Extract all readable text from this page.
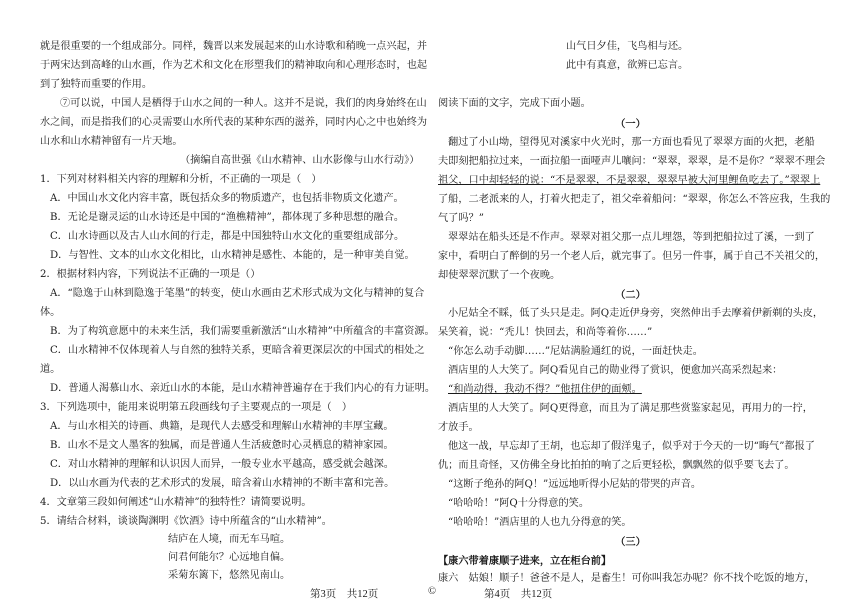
就是很重要的一个组成部分。同样，魏晋以来发展起来的山水诗歌和稍晚一点兴起，并
于两宋达到高峰的山水画，作为艺术和文化在形塑我们的精神取向和心理形态时，也起
到了独特而重要的作用。
⑦可以说，中国人是栖得于山水之间的一种人。这并不是说，我们的肉身始终在山
水之间，而是指我们的心灵需要山水所代表的某种东西的滋养，同时内心之中也始终为
山水和山水精神留有一片天地。
（摘编自高世强《山水精神、山水影像与山水行动》）
1．下列对材料相关内容的理解和分析，不正确的一项是（　）
A．中国山水文化内容丰富，既包括众多的物质遗产，也包括非物质文化遗产。
B．无论是谢灵运的山水诗还是中国的“渔樵精神”，都体现了多种思想的融合。
C．山水诗画以及古人山水间的行走，都是中国独特山水文化的重要组成部分。
D．与智性、文本的山水文化相比，山水精神是感性、本能的，是一种审美自觉。
2．根据材料内容，下列说法不正确的一项是（）
A．“隐逸于山林到隐逸于笔墨”的转变，使山水画由艺术形式成为文化与精神的复合
体。
B．为了构筑意愿中的未来生活，我们需要重新激活“山水精神”中所蕴含的丰富资源。
C．山水精神不仅体现着人与自然的独特关系，更暗含着更深层次的中国式的相处之
道。
D．普通人渴慕山水、亲近山水的本能，是山水精神普遍存在于我们内心的有力证明。
3．下列选项中，能用来说明第五段画线句子主要观点的一项是（　）
A．与山水相关的诗画、典籍，是现代人去感受和理解山水精神的丰厚宝藏。
B．山水不是文人墨客的独属，而是普通人生活疲惫时心灵栖息的精神家园。
C．对山水精神的理解和认识因人而异，一般专业水平越高，感受就会越深。
D．以山水画为代表的艺术形式的发展，暗含着山水精神的不断丰富和完善。
4．文章第三段如何阐述“山水精神”的独特性？请简要说明。
5．请结合材料，谈谈陶渊明《饮酒》诗中所蕴含的“山水精神”。
结庐在人境，而无车马喧。
问君何能尔？心远地自偏。
采菊东篱下，悠然见南山。
山气日夕佳，飞鸟相与还。
此中有真意，欲辨已忘言。
阅读下面的文字，完成下面小题。
（一）
翻过了小山坳，望得见对溪家中火光时，那一方面也看见了翠翠方面的火把，老船
夫即刻把船拉过来，一面拉船一面哑声儿嚷问：“翠翠，翠翠，是不是你？”翠翠不理会
祖父，口中却轻轻的说：“不是翠翠，不是翠翠，翠翠早被大河里鲤鱼吃去了。”翠翠上
了船，二老派来的人，打着火把走了，祖父牵着船问：“翠翠，你怎么不答应我，生我的
气了吗？”
翠翠站在船头还是不作声。翠翠对祖父那一点儿埋怨，等到把船拉过了溪，一到了
家中，看明白了醉倒的另一个老人后，就完事了。但另一件事，属于自己不关祖父的，
却使翠翠沉默了一个夜晚。
（二）
小尼姑全不睬，低了头只是走。阿Q走近伊身旁，突然伸出手去摩着伊新剃的头皮，
呆笑着，说：“秃儿！快回去，和尚等着你……”
“你怎么动手动脚……”尼姑满脸通红的说，一面赶快走。
酒店里的人大笑了。阿Q看见自己的勋业得了赏识，便愈加兴高采烈起来：
“和尚动得，我动不得？”他扭住伊的面颊。
酒店里的人大笑了。阿Q更得意，而且为了满足那些赏鉴家起见，再用力的一拧，
才放手。
他这一战，早忘却了王胡，也忘却了假洋鬼子，似乎对于今天的一切“晦气”都报了
仇；而且奇怪，又仿佛全身比拍拍的响了之后更轻松，飘飘然的似乎要飞去了。
“这断子绝孙的阿Q！”远远地听得小尼姑的带哭的声音。
“哈哈哈！”阿Q十分得意的笑。
“哈哈哈！”酒店里的人也九分得意的笑。
（三）
【康六带着康顺子进来，立在柜台前】
康六　姑娘！顺子！爸爸不是人，是畜生！可你叫我怎办呢？你不找个吃饭的地方，
第3页　共12页	©	第4页　共12页
